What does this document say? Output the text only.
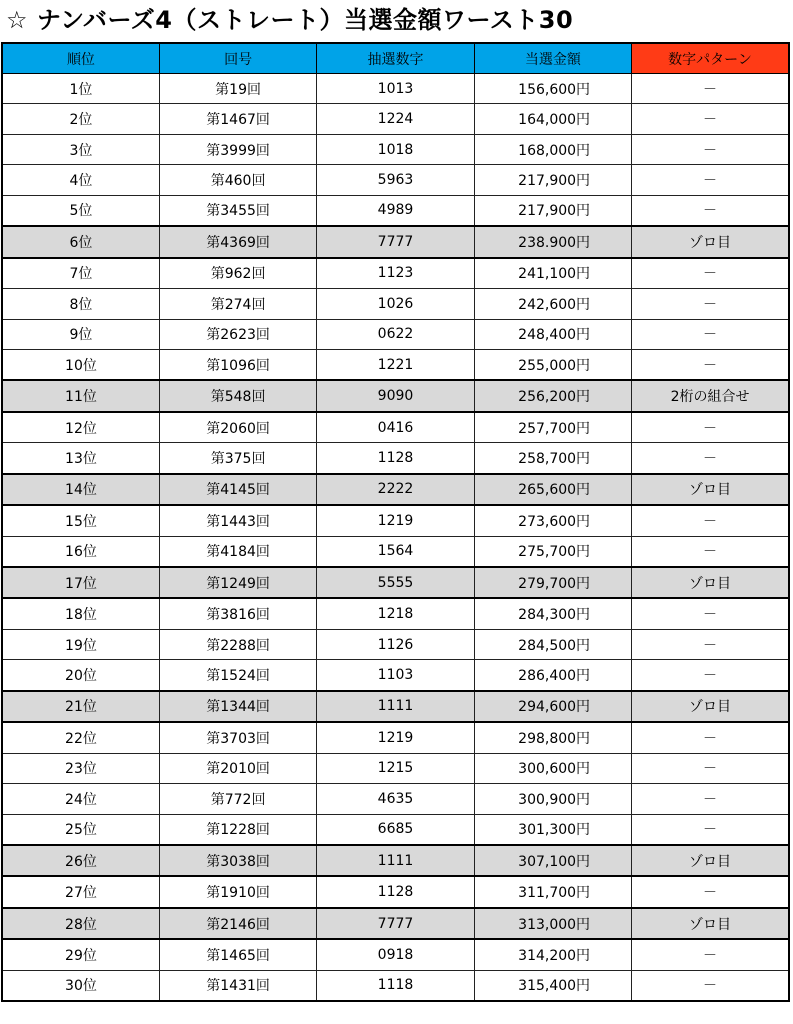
☆ ナンバーズ4（ストレート）当選金額ワースト30
順位	回号	抽選数字	当選金額	数字パターン
1位	第19回	1013	156,600円	－
2位	第1467回	1224	164,000円	－
3位	第3999回	1018	168,000円	－
4位	第460回	5963	217,900円	－
5位	第3455回	4989	217,900円	－
6位	第4369回	7777	238.900円	ゾロ目
7位	第962回	1123	241,100円	－
8位	第274回	1026	242,600円	－
9位	第2623回	0622	248,400円	－
10位	第1096回	1221	255,000円	－
11位	第548回	9090	256,200円	2桁の組合せ
12位	第2060回	0416	257,700円	－
13位	第375回	1128	258,700円	－
14位	第4145回	2222	265,600円	ゾロ目
15位	第1443回	1219	273,600円	－
16位	第4184回	1564	275,700円	－
17位	第1249回	5555	279,700円	ゾロ目
18位	第3816回	1218	284,300円	－
19位	第2288回	1126	284,500円	－
20位	第1524回	1103	286,400円	－
21位	第1344回	1111	294,600円	ゾロ目
22位	第3703回	1219	298,800円	－
23位	第2010回	1215	300,600円	－
24位	第772回	4635	300,900円	－
25位	第1228回	6685	301,300円	－
26位	第3038回	1111	307,100円	ゾロ目
27位	第1910回	1128	311,700円	－
28位	第2146回	7777	313,000円	ゾロ目
29位	第1465回	0918	314,200円	－
30位	第1431回	1118	315,400円	－
